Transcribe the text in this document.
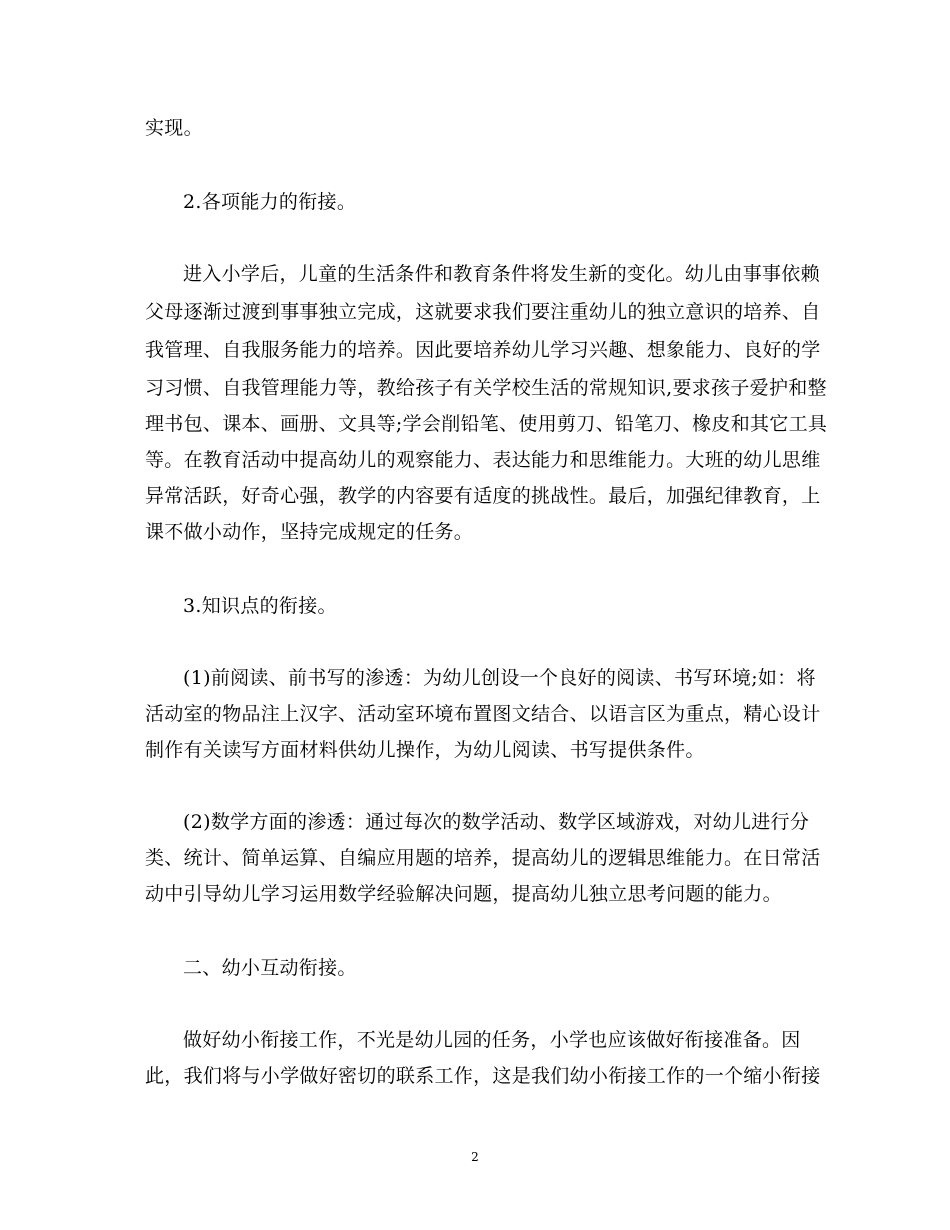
实现。
2.各项能力的衔接。
进入小学后，儿童的生活条件和教育条件将发生新的变化。幼儿由事事依赖
父母逐渐过渡到事事独立完成，这就要求我们要注重幼儿的独立意识的培养、自
我管理、自我服务能力的培养。因此要培养幼儿学习兴趣、想象能力、良好的学
习习惯、自我管理能力等，教给孩子有关学校生活的常规知识,要求孩子爱护和整
理书包、课本、画册、文具等;学会削铅笔、使用剪刀、铅笔刀、橡皮和其它工具
等。在教育活动中提高幼儿的观察能力、表达能力和思维能力。大班的幼儿思维
异常活跃，好奇心强，教学的内容要有适度的挑战性。最后，加强纪律教育，上
课不做小动作，坚持完成规定的任务。
3.知识点的衔接。
(1)前阅读、前书写的渗透：为幼儿创设一个良好的阅读、书写环境;如：将
活动室的物品注上汉字、活动室环境布置图文结合、以语言区为重点，精心设计
制作有关读写方面材料供幼儿操作，为幼儿阅读、书写提供条件。
(2)数学方面的渗透：通过每次的数学活动、数学区域游戏，对幼儿进行分
类、统计、简单运算、自编应用题的培养，提高幼儿的逻辑思维能力。在日常活
动中引导幼儿学习运用数学经验解决问题，提高幼儿独立思考问题的能力。
二、幼小互动衔接。
做好幼小衔接工作，不光是幼儿园的任务，小学也应该做好衔接准备。因
此，我们将与小学做好密切的联系工作，这是我们幼小衔接工作的一个缩小衔接
2
